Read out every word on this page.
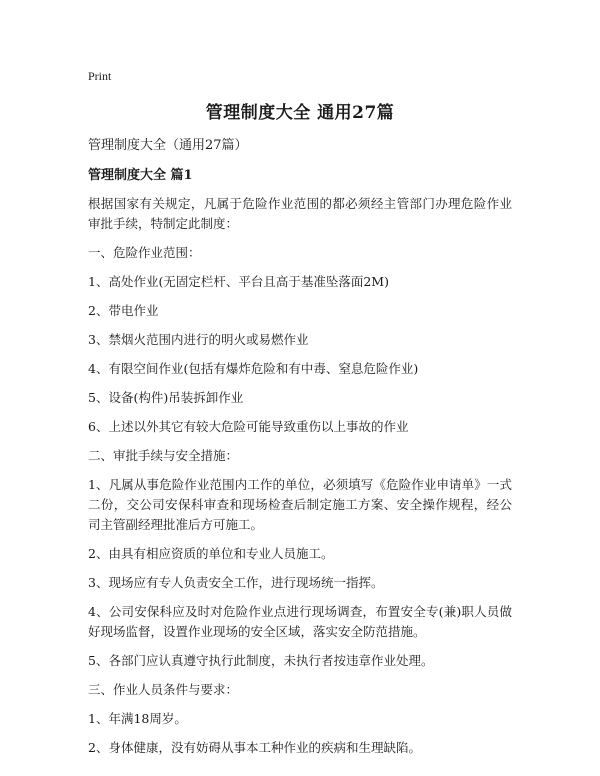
Print
管理制度大全 通用27篇
管理制度大全（通用27篇）
管理制度大全 篇1

根据国家有关规定，凡属于危险作业范围的都必须经主管部门办理危险作业审批手续，特制定此制度：

一、危险作业范围：

1、高处作业(无固定栏杆、平台且高于基准坠落面2M)

2、带电作业

3、禁烟火范围内进行的明火或易燃作业

4、有限空间作业(包括有爆炸危险和有中毒、窒息危险作业)

5、设备(构件)吊装拆卸作业

6、上述以外其它有较大危险可能导致重伤以上事故的作业

二、审批手续与安全措施：

1、凡属从事危险作业范围内工作的单位，必须填写《危险作业申请单》一式二份，交公司安保科审查和现场检查后制定施工方案、安全操作规程，经公司主管副经理批准后方可施工。

2、由具有相应资质的单位和专业人员施工。

3、现场应有专人负责安全工作，进行现场统一指挥。

4、公司安保科应及时对危险作业点进行现场调查，布置安全专(兼)职人员做好现场监督，设置作业现场的安全区域，落实安全防范措施。

5、各部门应认真遵守执行此制度，未执行者按违章作业处理。

三、作业人员条件与要求：

1、年满18周岁。

2、身体健康，没有妨碍从事本工种作业的疾病和生理缺陷。
